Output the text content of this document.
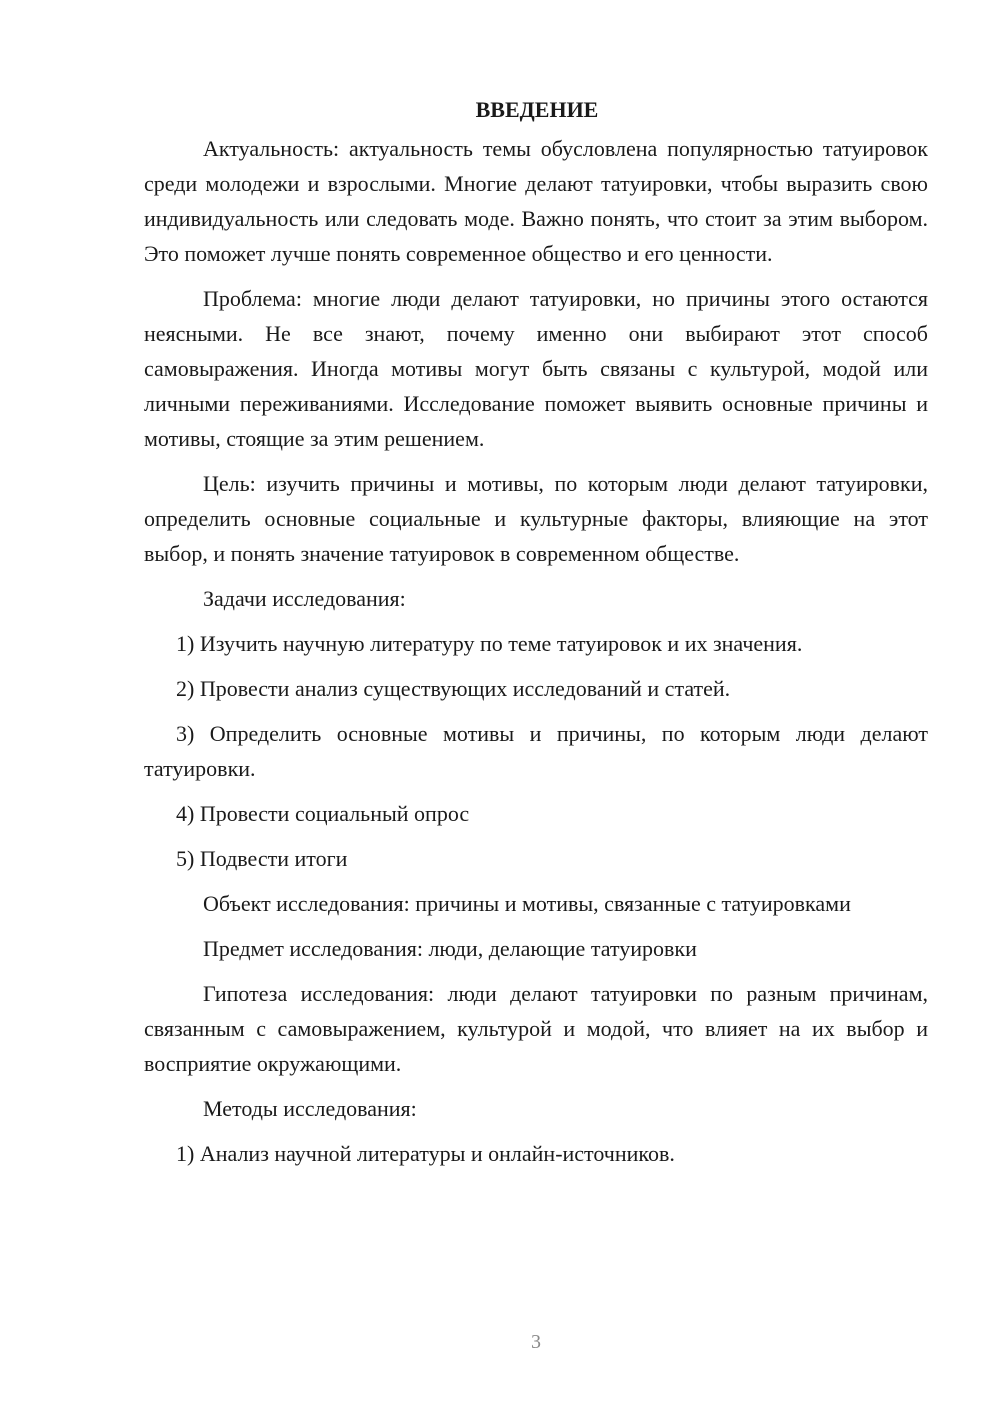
ВВЕДЕНИЕ

Актуальность: актуальность темы обусловлена популярностью татуировок среди молодежи и взрослыми. Многие делают татуировки, чтобы выразить свою индивидуальность или следовать моде. Важно понять, что стоит за этим выбором. Это поможет лучше понять современное общество и его ценности.

Проблема: многие люди делают татуировки, но причины этого остаются неясными. Не все знают, почему именно они выбирают этот способ самовыражения. Иногда мотивы могут быть связаны с культурой, модой или личными переживаниями. Исследование поможет выявить основные причины и мотивы, стоящие за этим решением.

Цель: изучить причины и мотивы, по которым люди делают татуировки, определить основные социальные и культурные факторы, влияющие на этот выбор, и понять значение татуировок в современном обществе.

Задачи исследования:

1) Изучить научную литературу по теме татуировок и их значения.

2) Провести анализ существующих исследований и статей.

3) Определить основные мотивы и причины, по которым люди делают татуировки.

4) Провести социальный опрос

5) Подвести итоги

Объект исследования: причины и мотивы, связанные с татуировками

Предмет исследования: люди, делающие татуировки

Гипотеза исследования: люди делают татуировки по разным причинам, связанным с самовыражением, культурой и модой, что влияет на их выбор и восприятие окружающими.

Методы исследования:

1) Анализ научной литературы и онлайн-источников.

3
